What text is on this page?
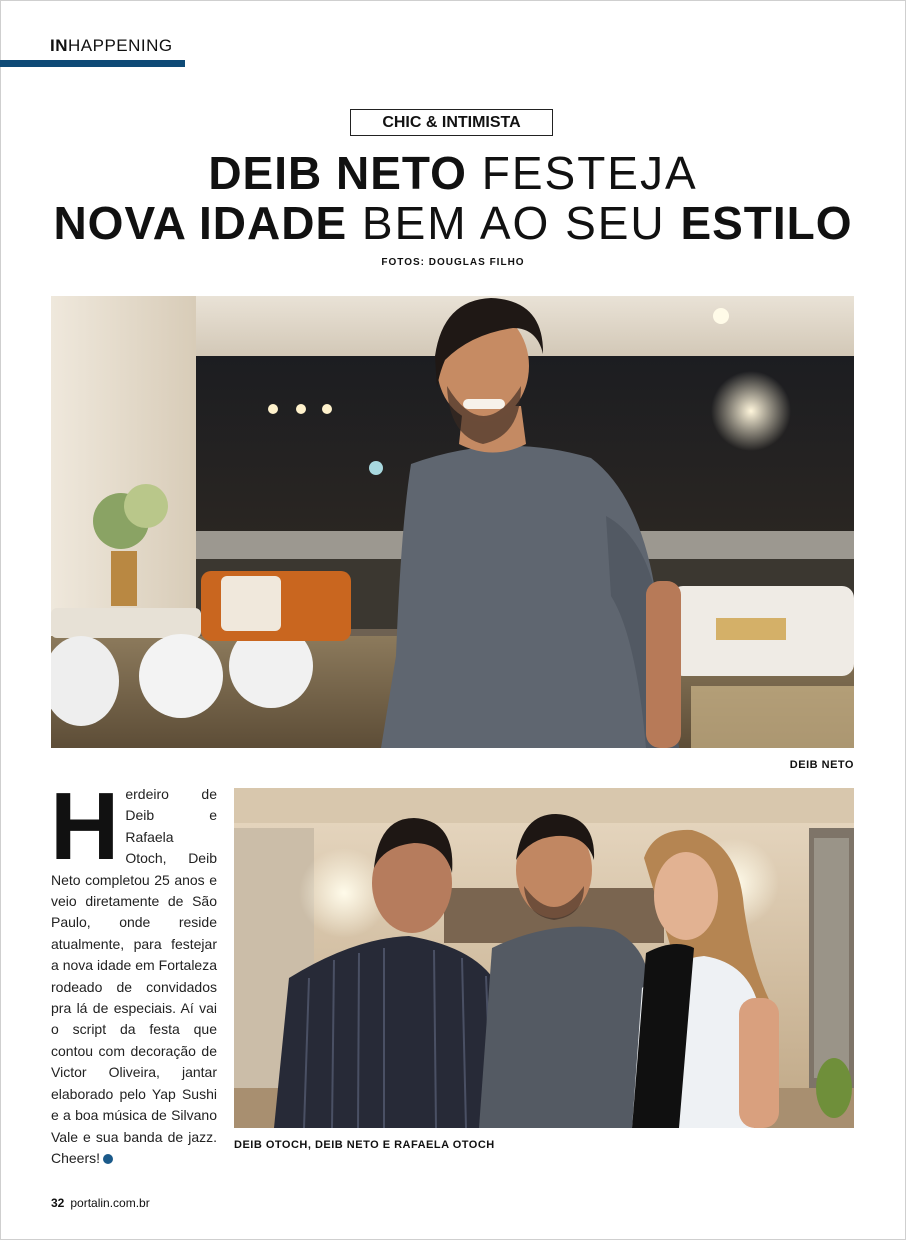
INHAPPENING
CHIC & INTIMISTA
DEIB NETO FESTEJA
NOVA IDADE BEM AO SEU ESTILO
FOTOS: DOUGLAS FILHO
DEIB NETO
Herdeiro de Deib e Rafaela Otoch, Deib Neto completou 25 anos e veio diretamente de São Paulo, onde reside atualmente, para festejar a nova idade em Fortaleza rodeado de convidados pra lá de especiais. Aí vai o script da festa que contou com decoração de Victor Oliveira, jantar elaborado pelo Yap Sushi e a boa música de Silvano Vale e sua banda de jazz. Cheers!
DEIB OTOCH, DEIB NETO E RAFAELA OTOCH
32 portalin.com.br
